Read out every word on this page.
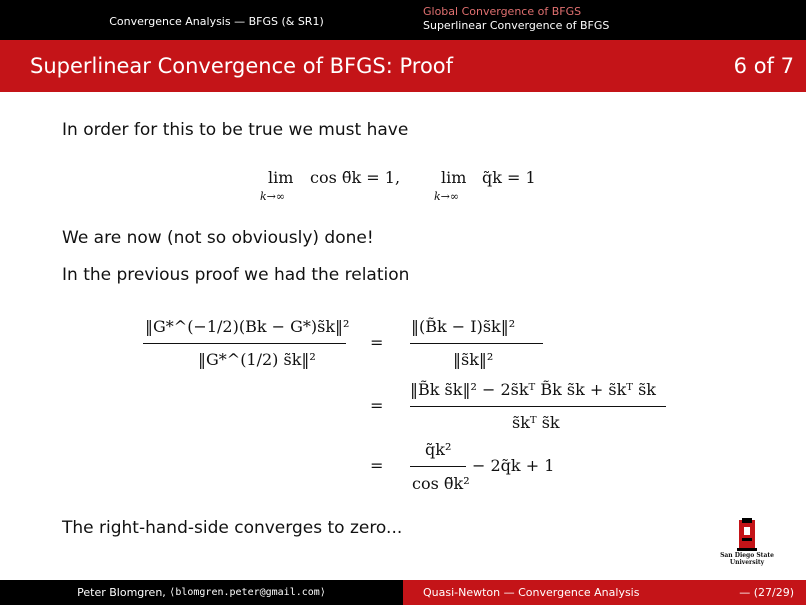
Convergence Analysis — BFGS (& SR1)
Global Convergence of BFGS
Superlinear Convergence of BFGS
Superlinear Convergence of BFGS: Proof	6 of 7
In order for this to be true we must have
lim
k→∞
cos θ̃k = 1,	lim
k→∞
q̃k = 1
We are now (not so obviously) done!
In the previous proof we had the relation
‖G*^(−1/2)(Bk − G*)s̃k‖²
‖G*^(1/2) s̃k‖²
=
‖(B̃k − I)s̃k‖²
‖s̃k‖²
=
‖B̃k s̃k‖² − 2s̃kᵀ B̃k s̃k + s̃kᵀ s̃k
s̃kᵀ s̃k
=
q̃k²
cos θ̃k²
− 2q̃k + 1
The right-hand-side converges to zero...
San Diego State University
Peter Blomgren,
⟨blomgren.peter@gmail.com⟩	Quasi-Newton — Convergence Analysis	— (27/29)
